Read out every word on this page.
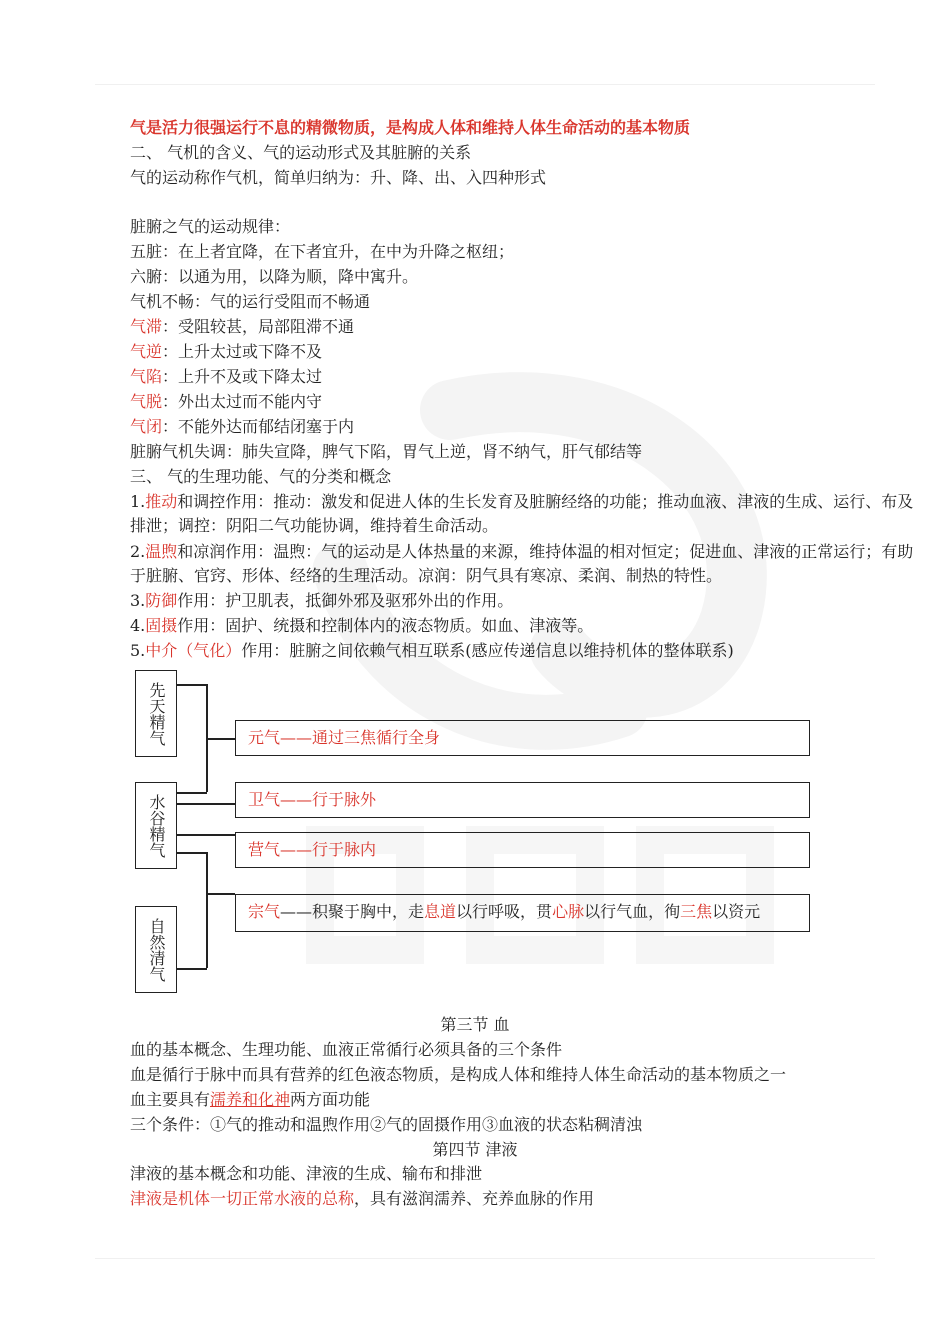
气是活力很强运行不息的精微物质，是构成人体和维持人体生命活动的基本物质
二、 气机的含义、气的运动形式及其脏腑的关系
气的运动称作气机，简单归纳为：升、降、出、入四种形式
脏腑之气的运动规律：
五脏：在上者宜降，在下者宜升，在中为升降之枢纽；
六腑：以通为用，以降为顺，降中寓升。
气机不畅：气的运行受阻而不畅通
气滞：受阻较甚，局部阻滞不通
气逆：上升太过或下降不及
气陷：上升不及或下降太过
气脱：外出太过而不能内守
气闭：不能外达而郁结闭塞于内
脏腑气机失调：肺失宣降，脾气下陷，胃气上逆，肾不纳气，肝气郁结等
三、 气的生理功能、气的分类和概念
1.推动和调控作用：推动：激发和促进人体的生长发育及脏腑经络的功能；推动血液、津液的生成、运行、布及排泄；调控：阴阳二气功能协调，维持着生命活动。
2.温煦和凉润作用：温煦：气的运动是人体热量的来源，维持体温的相对恒定；促进血、津液的正常运行；有助于脏腑、官窍、形体、经络的生理活动。凉润：阴气具有寒凉、柔润、制热的特性。
3.防御作用：护卫肌表，抵御外邪及驱邪外出的作用。
4.固摄作用：固护、统摄和控制体内的液态物质。如血、津液等。
5.中介（气化）作用：脏腑之间依赖气相互联系(感应传递信息以维持机体的整体联系)
先天精气
水谷精气
自然清气
元气——通过三焦循行全身
卫气——行于脉外
营气——行于脉内
宗气——积聚于胸中，走息道以行呼吸，贯心脉以行气血，徇三焦以资元
第三节 血
血的基本概念、生理功能、血液正常循行必须具备的三个条件
血是循行于脉中而具有营养的红色液态物质，是构成人体和维持人体生命活动的基本物质之一
血主要具有濡养和化神两方面功能
三个条件：①气的推动和温煦作用②气的固摄作用③血液的状态粘稠清浊
第四节 津液
津液的基本概念和功能、津液的生成、输布和排泄
津液是机体一切正常水液的总称，具有滋润濡养、充养血脉的作用
